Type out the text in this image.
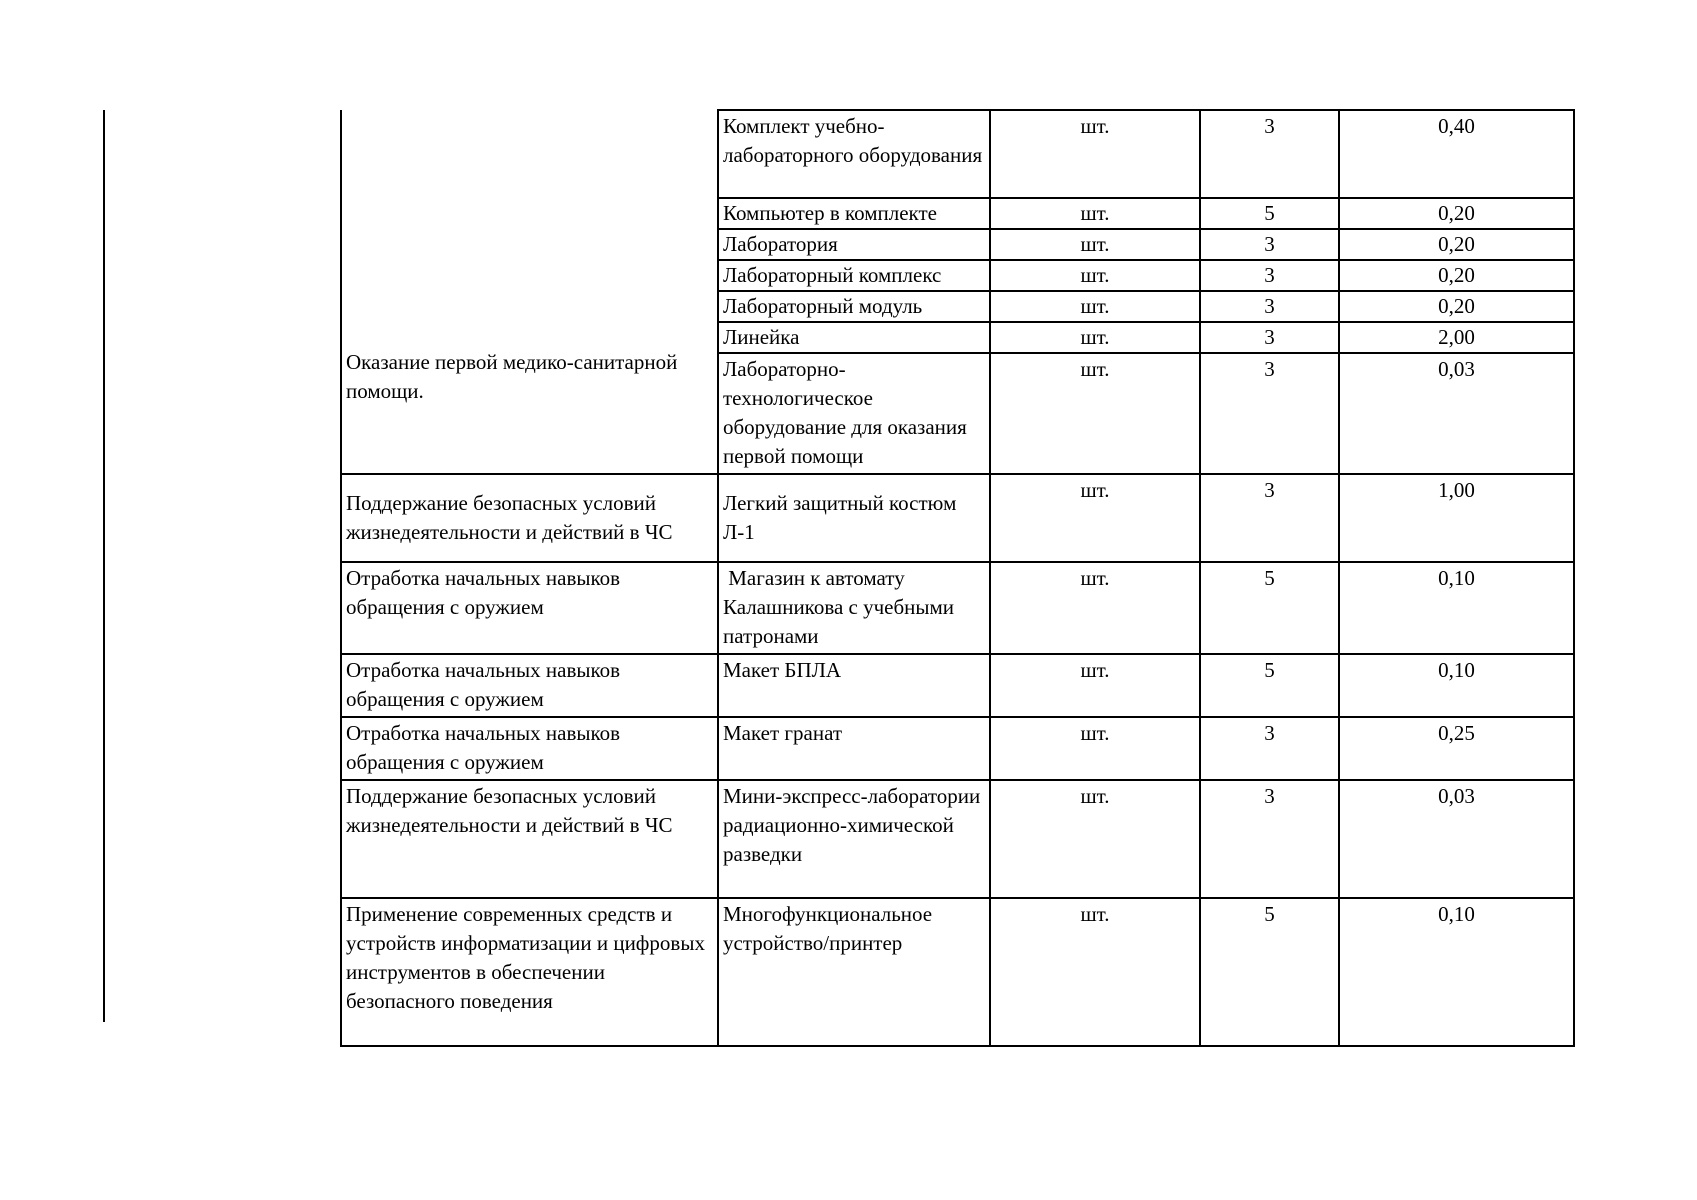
Оказание первой медико-санитарной помощи.	Комплект учебно-лабораторного оборудования	шт.	3	0,40
	Компьютер в комплекте	шт.	5	0,20
	Лаборатория	шт.	3	0,20
	Лабораторный комплекс	шт.	3	0,20
	Лабораторный модуль	шт.	3	0,20
	Линейка	шт.	3	2,00
	Лабораторно-технологическое оборудование для оказания первой помощи	шт.	3	0,03
Поддержание безопасных условий жизнедеятельности и действий в ЧС	Легкий защитный костюм Л-1	шт.	3	1,00
Отработка начальных навыков обращения с оружием	Магазин к автомату Калашникова с учебными патронами	шт.	5	0,10
Отработка начальных навыков обращения с оружием	Макет БПЛА	шт.	5	0,10
Отработка начальных навыков обращения с оружием	Макет гранат	шт.	3	0,25
Поддержание безопасных условий жизнедеятельности и действий в ЧС	Мини-экспресс-лаборатории радиационно-химической разведки	шт.	3	0,03
Применение современных средств и устройств информатизации и цифровых инструментов в обеспечении безопасного поведения	Многофункциональное устройство/принтер	шт.	5	0,10
